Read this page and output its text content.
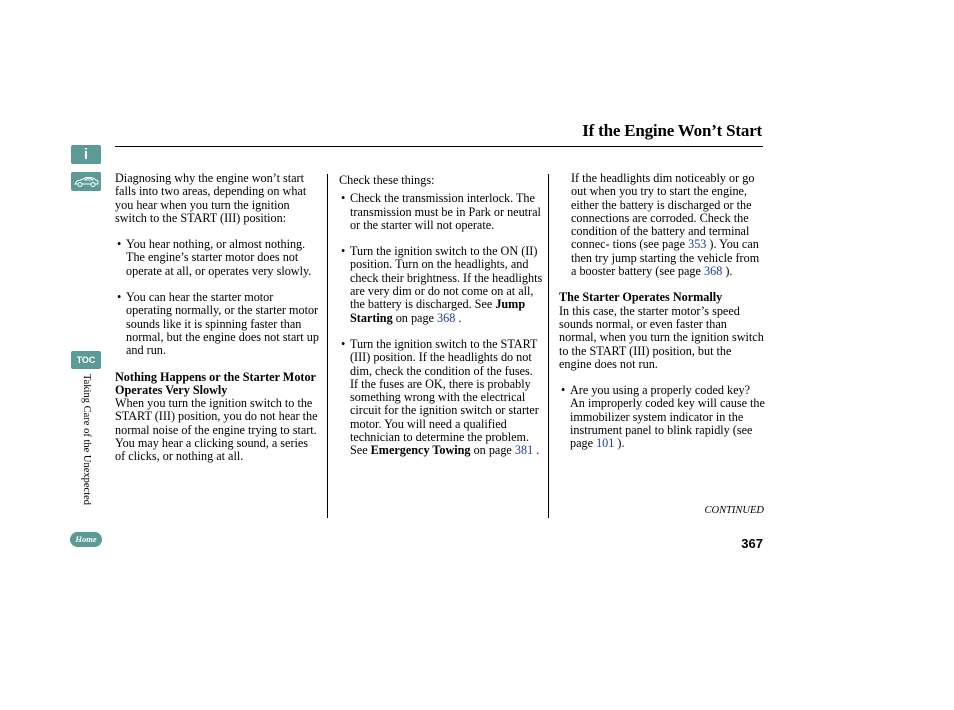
i
TOC
Taking Care of the Unexpected
Home
If the Engine Won’t Start

Diagnosing why the engine won’t start falls into two areas, depending on what you hear when you turn the ignition switch to the START (III) position:

• You hear nothing, or almost nothing. The engine’s starter motor does not operate at all, or operates very slowly.

• You can hear the starter motor operating normally, or the starter motor sounds like it is spinning faster than normal, but the engine does not start up and run.

Nothing Happens or the Starter Motor Operates Very Slowly

When you turn the ignition switch to the START (III) position, you do not hear the normal noise of the engine trying to start. You may hear a clicking sound, a series of clicks, or nothing at all.

Check these things:

• Check the transmission interlock. The transmission must be in Park or neutral or the starter will not operate.

• Turn the ignition switch to the ON (II) position. Turn on the headlights, and check their brightness. If the headlights are very dim or do not come on at all, the battery is discharged. See Jump Starting on page 368 .

• Turn the ignition switch to the START (III) position. If the headlights do not dim, check the condition of the fuses. If the fuses are OK, there is probably something wrong with the electrical circuit for the ignition switch or starter motor. You will need a qualified technician to determine the problem. See Emergency Towing on page 381 .

If the headlights dim noticeably or go out when you try to start the engine, either the battery is discharged or the connections are corroded. Check the condition of the battery and terminal connec- tions (see page 353 ). You can then try jump starting the vehicle from a booster battery (see page 368 ).

The Starter Operates Normally

In this case, the starter motor’s speed sounds normal, or even faster than normal, when you turn the ignition switch to the START (III) position, but the engine does not run.

• Are you using a properly coded key? An improperly coded key will cause the immobilizer system indicator in the instrument panel to blink rapidly (see page 101 ).

CONTINUED
367
